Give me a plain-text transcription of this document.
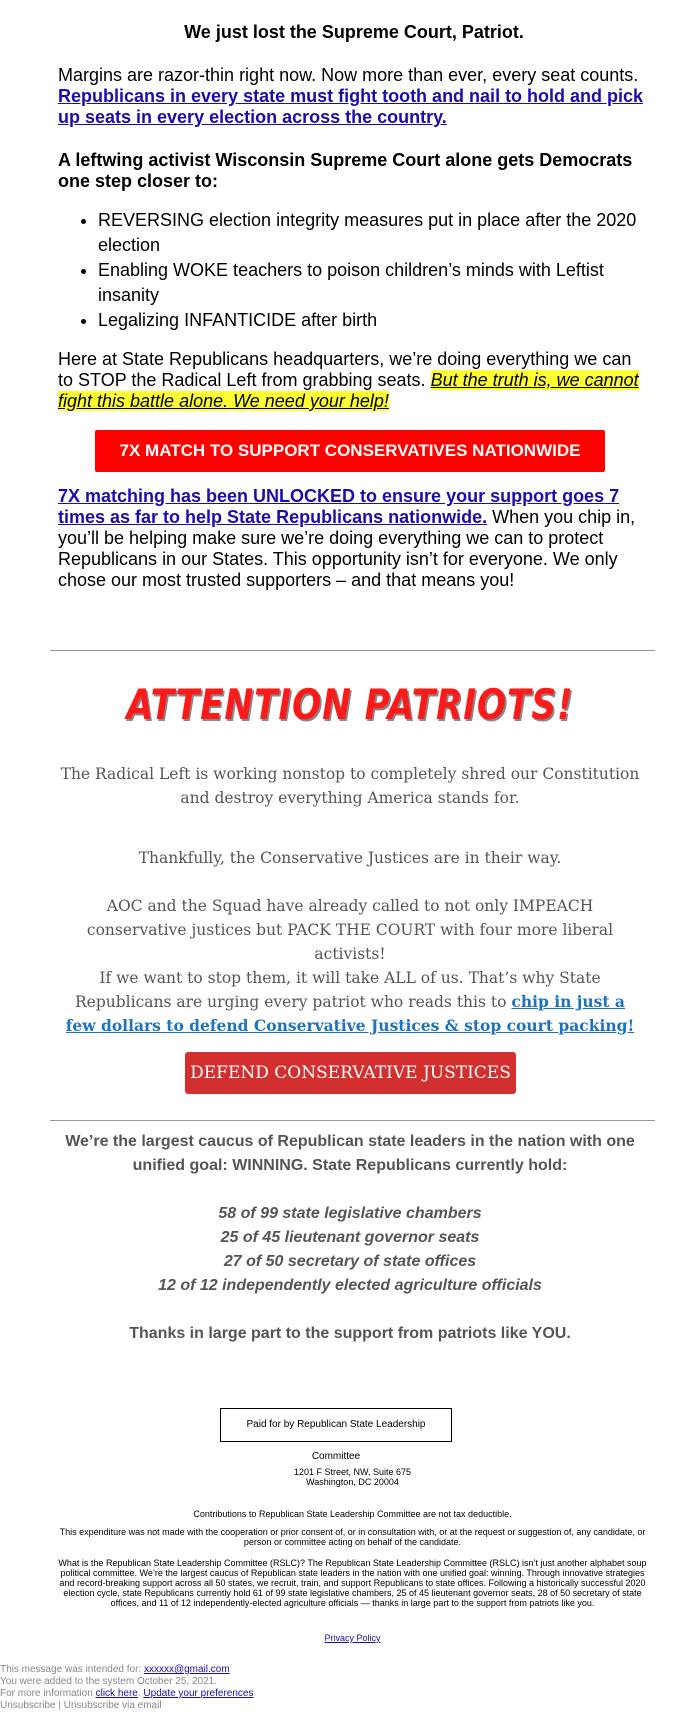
We just lost the Supreme Court, Patriot.

Margins are razor-thin right now. Now more than ever, every seat counts. Republicans in every state must fight tooth and nail to hold and pick up seats in every election across the country.

A leftwing activist Wisconsin Supreme Court alone gets Democrats one step closer to:

• REVERSING election integrity measures put in place after the 2020 election
• Enabling WOKE teachers to poison children’s minds with Leftist insanity
• Legalizing INFANTICIDE after birth

Here at State Republicans headquarters, we’re doing everything we can to STOP the Radical Left from grabbing seats. But the truth is, we cannot fight this battle alone. We need your help!

7X MATCH TO SUPPORT CONSERVATIVES NATIONWIDE

7X matching has been UNLOCKED to ensure your support goes 7 times as far to help State Republicans nationwide. When you chip in, you’ll be helping make sure we’re doing everything we can to protect Republicans in our States. This opportunity isn’t for everyone. We only chose our most trusted supporters – and that means you!

ATTENTION PATRIOTS!

The Radical Left is working nonstop to completely shred our Constitution and destroy everything America stands for.

Thankfully, the Conservative Justices are in their way.

AOC and the Squad have already called to not only IMPEACH conservative justices but PACK THE COURT with four more liberal activists!

If we want to stop them, it will take ALL of us. That’s why State Republicans are urging every patriot who reads this to chip in just a few dollars to defend Conservative Justices & stop court packing!

DEFEND CONSERVATIVE JUSTICES

We’re the largest caucus of Republican state leaders in the nation with one unified goal: WINNING. State Republicans currently hold:

58 of 99 state legislative chambers
25 of 45 lieutenant governor seats
27 of 50 secretary of state offices
12 of 12 independently elected agriculture officials

Thanks in large part to the support from patriots like YOU.

Paid for by Republican State Leadership Committee
1201 F Street, NW, Suite 675
Washington, DC 20004
Contributions to Republican State Leadership Committee are not tax deductible.
This expenditure was not made with the cooperation or prior consent of, or in consultation with, or at the request or suggestion of, any candidate, or person or committee acting on behalf of the candidate.
What is the Republican State Leadership Committee (RSLC)? The Republican State Leadership Committee (RSLC) isn’t just another alphabet soup political committee. We’re the largest caucus of Republican state leaders in the nation with one unified goal: winning. Through innovative strategies and record-breaking support across all 50 states, we recruit, train, and support Republicans to state offices. Following a historically successful 2020 election cycle, state Republicans currently hold 61 of 99 state legislative chambers, 25 of 45 lieutenant governor seats, 28 of 50 secretary of state offices, and 11 of 12 independently-elected agriculture officials — thanks in large part to the support from patriots like you.
Privacy Policy
This message was intended for: xxxxxx@gmail.com
You were added to the system October 25, 2021.
For more information click here. Update your preferences
Unsubscribe | Unsubscribe via email
